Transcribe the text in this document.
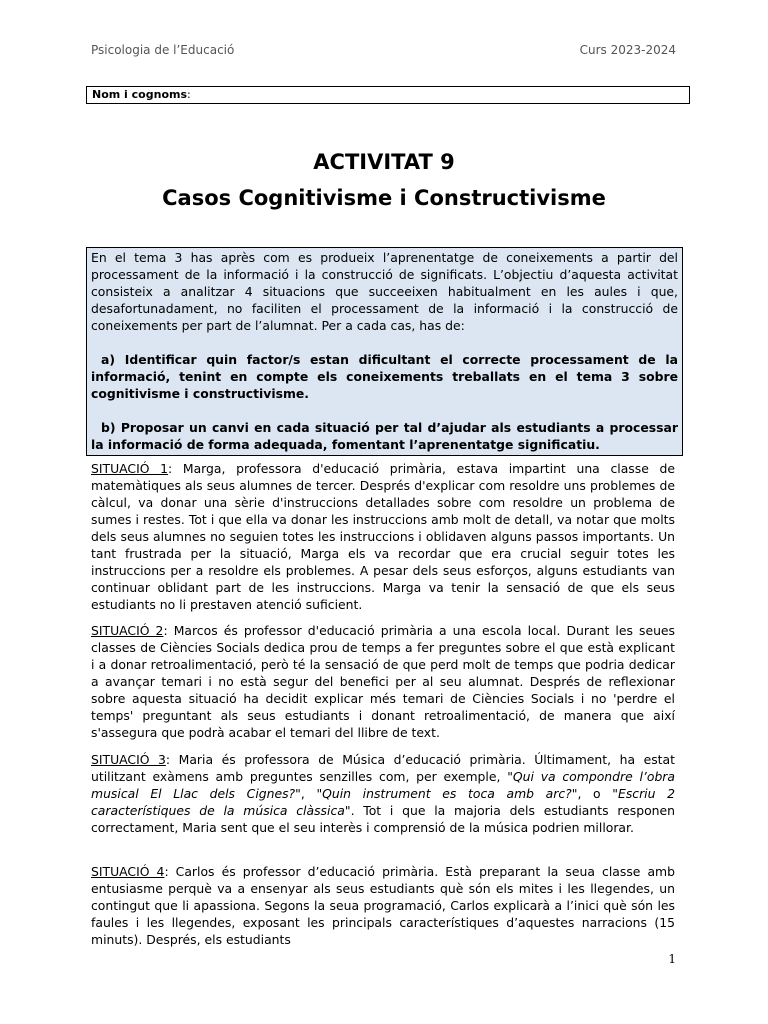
Psicologia de l’Educació	Curs 2023-2024
Nom i cognoms:
ACTIVITAT 9
Casos Cognitivisme i Constructivisme

En el tema 3 has après com es produeix l’aprenentatge de coneixements a partir del processament de la informació i la construcció de significats. L’objectiu d’aquesta activitat consisteix a analitzar 4 situacions que succeeixen habitualment en les aules i que, desafortunadament, no faciliten el processament de la informació i la construcció de coneixements per part de l’alumnat. Per a cada cas, has de:

a) Identificar quin factor/s estan dificultant el correcte processament de la informació, tenint en compte els coneixements treballats en el tema 3 sobre cognitivisme i constructivisme.

b) Proposar un canvi en cada situació per tal d’ajudar als estudiants a processar la informació de forma adequada, fomentant l’aprenentatge significatiu.

SITUACIÓ 1: Marga, professora d'educació primària, estava impartint una classe de matemàtiques als seus alumnes de tercer. Després d'explicar com resoldre uns problemes de càlcul, va donar una sèrie d'instruccions detallades sobre com resoldre un problema de sumes i restes. Tot i que ella va donar les instruccions amb molt de detall, va notar que molts dels seus alumnes no seguien totes les instruccions i oblidaven alguns passos importants. Un tant frustrada per la situació, Marga els va recordar que era crucial seguir totes les instruccions per a resoldre els problemes. A pesar dels seus esforços, alguns estudiants van continuar oblidant part de les instruccions. Marga va tenir la sensació de que els seus estudiants no li prestaven atenció suficient.

SITUACIÓ 2: Marcos és professor d'educació primària a una escola local. Durant les seues classes de Ciències Socials dedica prou de temps a fer preguntes sobre el que està explicant i a donar retroalimentació, però té la sensació de que perd molt de temps que podria dedicar a avançar temari i no està segur del benefici per al seu alumnat. Després de reflexionar sobre aquesta situació ha decidit explicar més temari de Ciències Socials i no 'perdre el temps' preguntant als seus estudiants i donant retroalimentació, de manera que així s'assegura que podrà acabar el temari del llibre de text.

SITUACIÓ 3: Maria és professora de Música d’educació primària. Últimament, ha estat utilitzant exàmens amb preguntes senzilles com, per exemple, "Qui va compondre l’obra musical El Llac dels Cignes?", "Quin instrument es toca amb arc?", o "Escriu 2 característiques de la música clàssica". Tot i que la majoria dels estudiants responen correctament, Maria sent que el seu interès i comprensió de la música podrien millorar.

SITUACIÓ 4: Carlos és professor d’educació primària. Està preparant la seua classe amb entusiasme perquè va a ensenyar als seus estudiants què són els mites i les llegendes, un contingut que li apassiona. Segons la seua programació, Carlos explicarà a l’inici què són les faules i les llegendes, exposant les principals característiques d’aquestes narracions (15 minuts). Després, els estudiants

1
